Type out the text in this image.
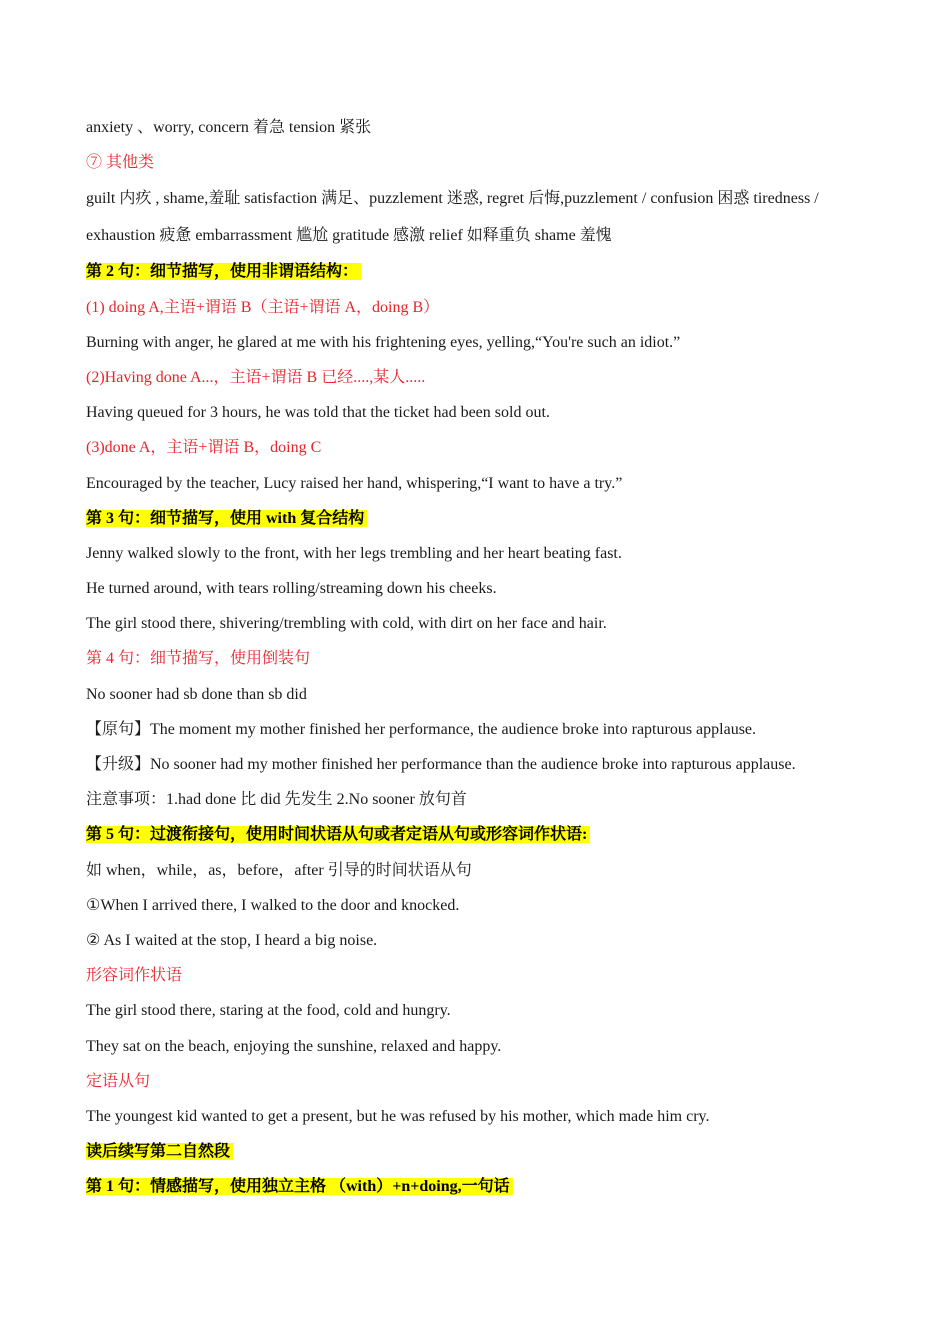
anxiety 、worry, concern 着急 tension 紧张
⑦ 其他类
guilt 内疚 , shame,羞耻 satisfaction 满足、puzzlement 迷惑, regret 后悔,puzzlement / confusion 困惑 tiredness / exhaustion 疲惫 embarrassment 尴尬 gratitude 感激 relief 如释重负 shame 羞愧
第 2 句：细节描写，使用非谓语结构：
(1) doing A,主语+谓语 B（主语+谓语 A，doing B）
Burning with anger, he glared at me with his frightening eyes, yelling,“You're such an idiot.”
(2)Having done A...，主语+谓语 B 已经....,某人.....
Having queued for 3 hours, he was told that the ticket had been sold out.
(3)done A，主语+谓语 B，doing C
Encouraged by the teacher, Lucy raised her hand, whispering,“I want to have a try.”
第 3 句：细节描写，使用 with 复合结构
Jenny walked slowly to the front, with her legs trembling and her heart beating fast.
He turned around, with tears rolling/streaming down his cheeks.
The girl stood there, shivering/trembling with cold, with dirt on her face and hair.
第 4 句：细节描写，使用倒装句
No sooner had sb done than sb did
【原句】The moment my mother finished her performance, the audience broke into rapturous applause.
【升级】No sooner had my mother finished her performance than the audience broke into rapturous applause.
注意事项：1.had done 比 did 先发生 2.No sooner 放句首
第 5 句：过渡衔接句，使用时间状语从句或者定语从句或形容词作状语:
如 when，while，as，before，after 引导的时间状语从句
①When I arrived there, I walked to the door and knocked.
② As I waited at the stop, I heard a big noise.
形容词作状语
The girl stood there, staring at the food, cold and hungry.
They sat on the beach, enjoying the sunshine, relaxed and happy.
定语从句
The youngest kid wanted to get a present, but he was refused by his mother, which made him cry.
读后续写第二自然段
第 1 句：情感描写，使用独立主格 （with）+n+doing,一句话
